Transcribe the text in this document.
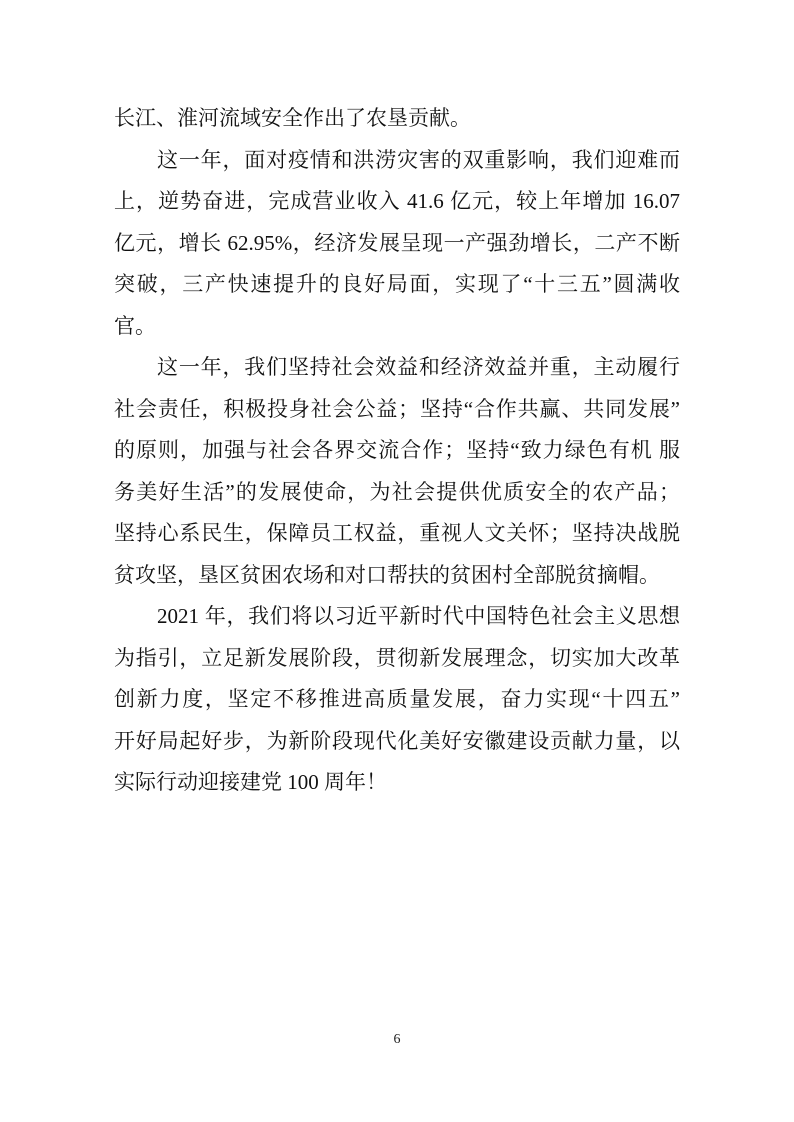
长江、淮河流域安全作出了农垦贡献。
这一年，面对疫情和洪涝灾害的双重影响，我们迎难而
上，逆势奋进，完成营业收入 41.6 亿元，较上年增加 16.07
亿元，增长 62.95%，经济发展呈现一产强劲增长，二产不断
突破，三产快速提升的良好局面，实现了“十三五”圆满收
官。
这一年，我们坚持社会效益和经济效益并重，主动履行
社会责任，积极投身社会公益；坚持“合作共赢、共同发展”
的原则，加强与社会各界交流合作；坚持“致力绿色有机 服
务美好生活”的发展使命，为社会提供优质安全的农产品；
坚持心系民生，保障员工权益，重视人文关怀；坚持决战脱
贫攻坚，垦区贫困农场和对口帮扶的贫困村全部脱贫摘帽。
2021 年，我们将以习近平新时代中国特色社会主义思想
为指引，立足新发展阶段，贯彻新发展理念，切实加大改革
创新力度，坚定不移推进高质量发展，奋力实现“十四五”
开好局起好步，为新阶段现代化美好安徽建设贡献力量，以
实际行动迎接建党 100 周年！
6
